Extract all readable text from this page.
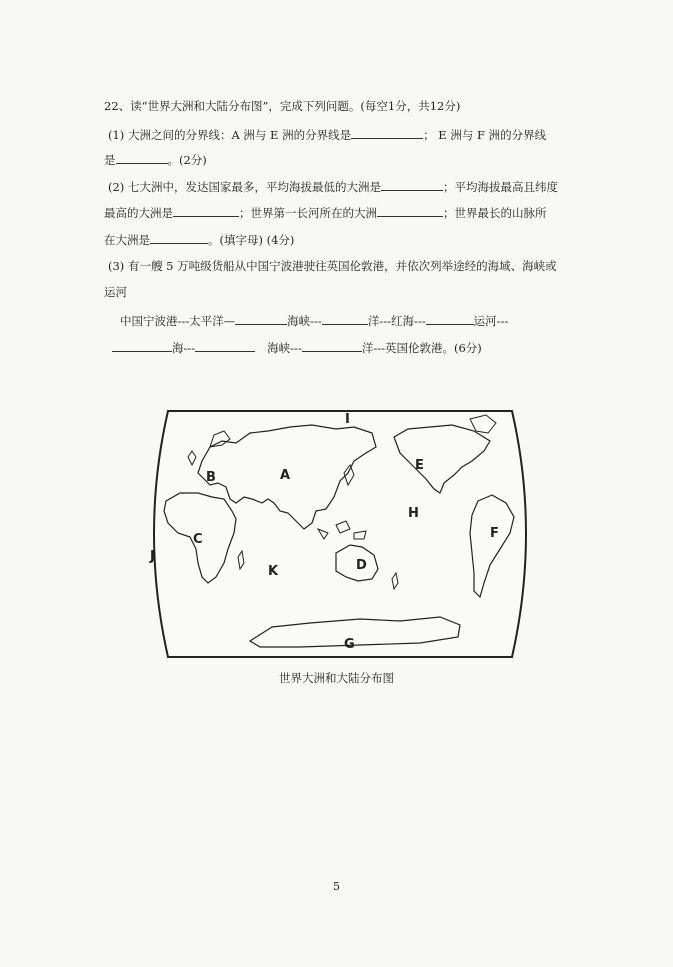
22、读“世界大洲和大陆分布图”，完成下列问题。(每空1分，共12分)
(1) 大洲之间的分界线：A 洲与 E 洲的分界线是	； E 洲与 F 洲的分界线
是	。(2分)
(2) 七大洲中，发达国家最多，平均海拔最低的大洲是	；平均海拔最高且纬度
最高的大洲是	；世界第一长河所在的大洲	；世界最长的山脉所
在大洲是	。(填字母) (4分)
(3) 有一艘 5 万吨级货船从中国宁波港驶往英国伦敦港，并依次列举途经的海域、海峡或
运河
中国宁波港---太平洋—	海峡---	洋---红海---	运河---
海---	海峡---	洋---英国伦敦港。(6分)
A
B
C
D
E
F
G
H
I
J
K
世界大洲和大陆分布图
5
